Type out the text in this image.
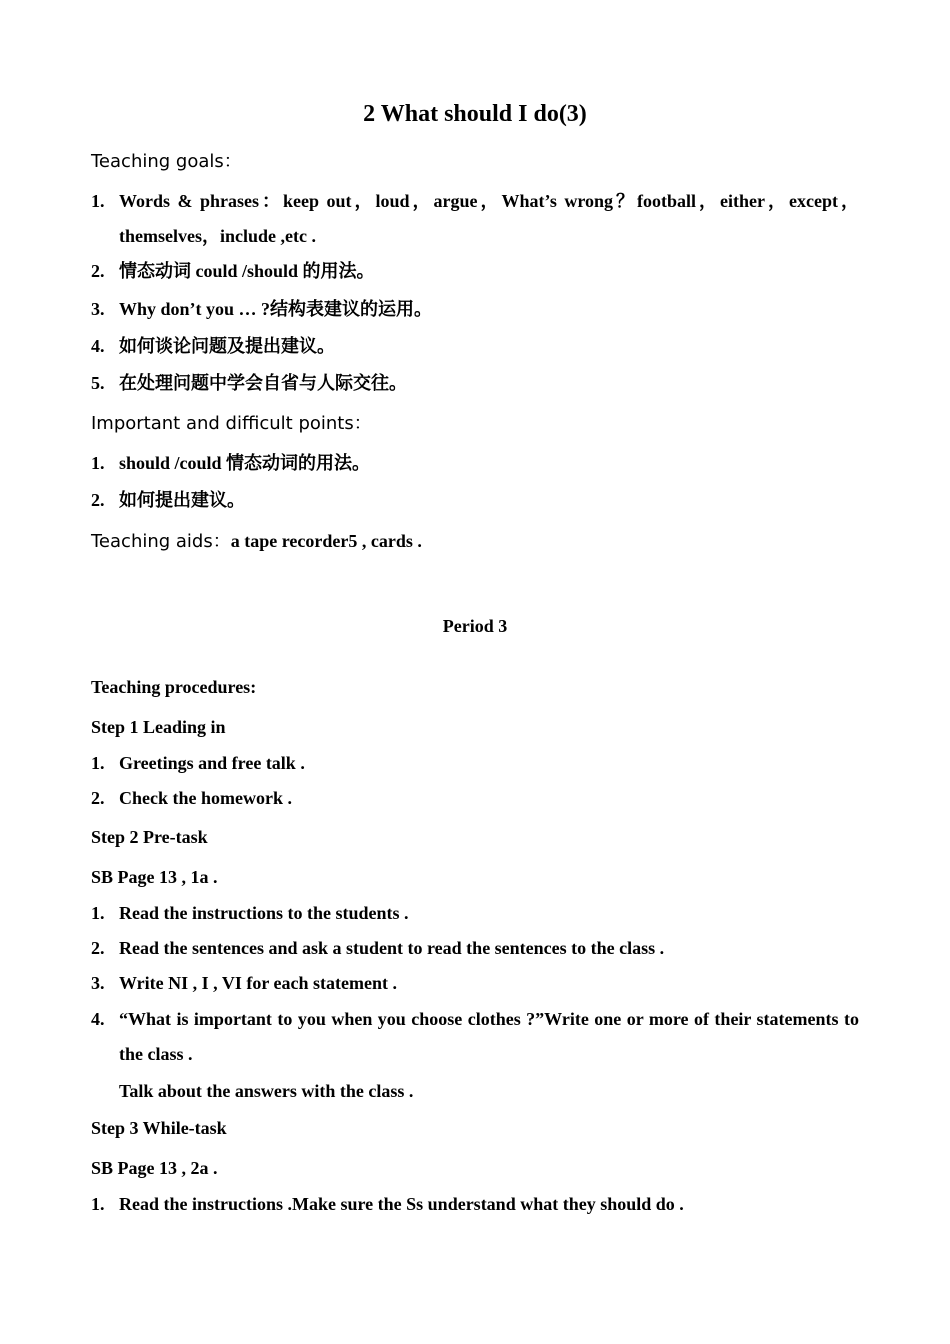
2 What should I do(3)
Teaching goals：
1. Words & phrases：keep out，loud，argue，What’s wrong？football，either，except，themselves，include ,etc .
2. 情态动词 could /should 的用法。
3. Why don’t you … ?结构表建议的运用。
4. 如何谈论问题及提出建议。
5. 在处理问题中学会自省与人际交往。
Important and difficult points：
1. should /could 情态动词的用法。
2. 如何提出建议。
Teaching aids：a tape recorder5 , cards .
Period 3
Teaching procedures:
Step 1 Leading in
1. Greetings and free talk .
2. Check the homework .
Step 2 Pre-task
SB Page 13 , 1a .
1. Read the instructions to the students .
2. Read the sentences and ask a student to read the sentences to the class .
3. Write NI , I , VI for each statement .
4. “What is important to you when you choose clothes ?”Write one or more of their statements to the class .
Talk about the answers with the class .
Step 3 While-task
SB Page 13 , 2a .
1. Read the instructions .Make sure the Ss understand what they should do .
